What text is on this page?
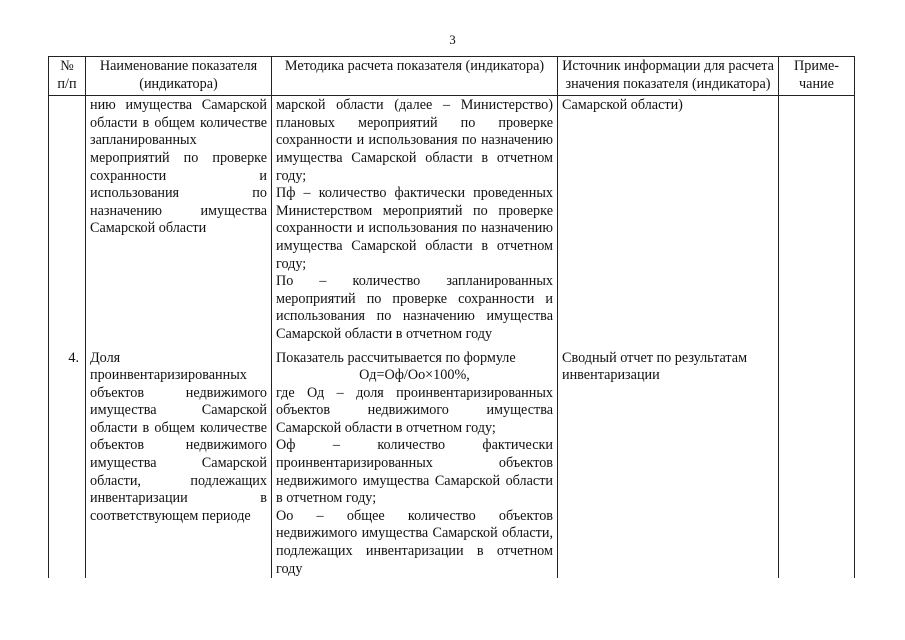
3
№ п/п	Наименование показателя (индикатора)	Методика расчета показателя (индикатора)	Источник информации для расчета значения показателя (индикатора)	Приме-чание
	нию имущества Самарской области в общем количестве запланированных мероприятий по проверке сохранности и использования по назначению имущества Самарской области	марской области (далее – Министерство) плановых мероприятий по проверке сохранности и использования по назначению имущества Самарской области в отчетном году;

Пф – количество фактически проведенных Министерством мероприятий по проверке сохранности и использования по назначению имущества Самарской области в отчетном году;

По – количество запланированных мероприятий по проверке сохранности и использования по назначению имущества Самарской области в отчетном году	Самарской области)	
4.	Доля проинвентаризированных объектов недвижимого имущества Самарской области в общем количестве объектов недвижимого имущества Самарской области, подлежащих инвентаризации в соответствующем периоде	Показатель рассчитывается по формуле

Од=Оф/Оо×100%,

где Од – доля проинвентаризированных объектов недвижимого имущества Самарской области в отчетном году;

Оф – количество фактически проинвентаризированных объектов недвижимого имущества Самарской области в отчетном году;

Оо – общее количество объектов недвижимого имущества Самарской области, подлежащих инвентаризации в отчетном году	Сводный отчет по результатам инвентаризации	
